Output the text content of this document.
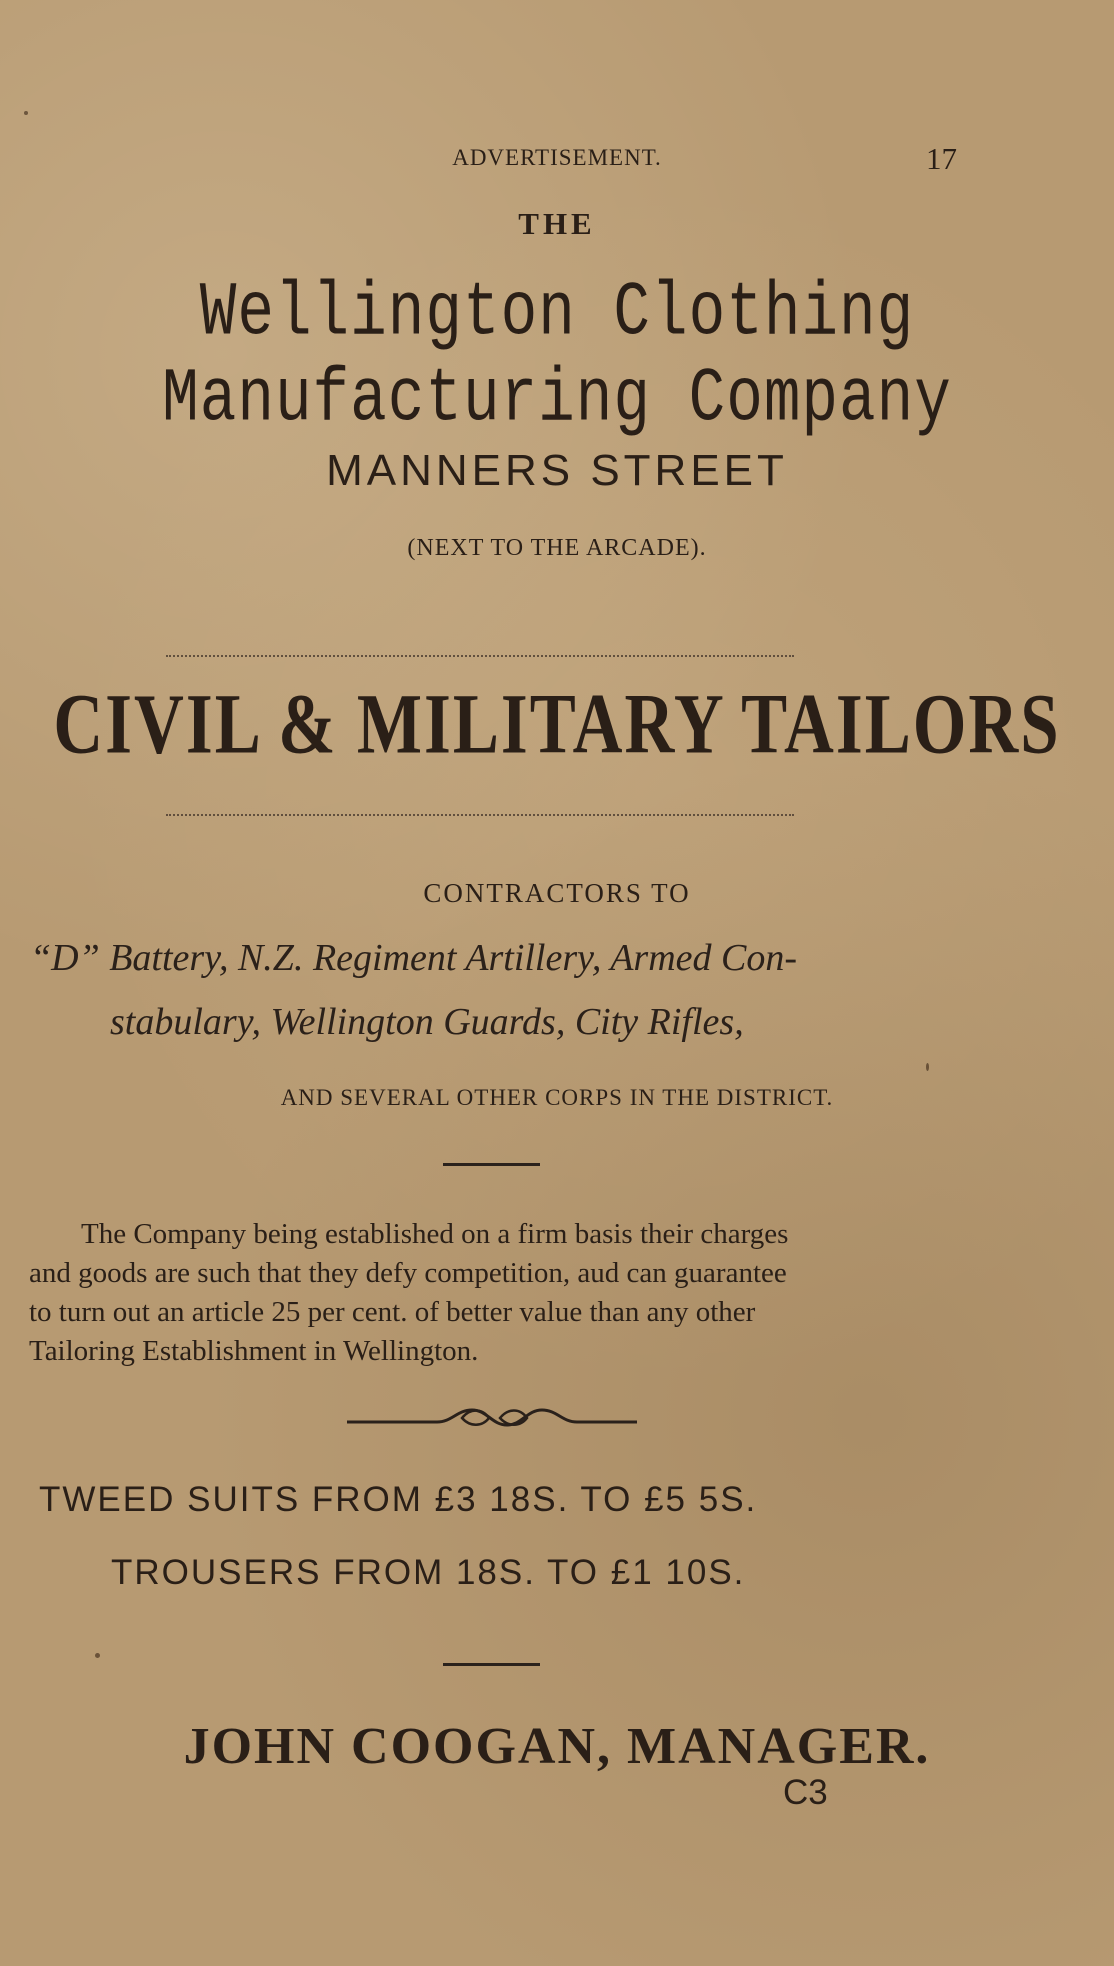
ADVERTISEMENT.	17
THE
Wellington Clothing Manufacturing Company
MANNERS STREET
(NEXT TO THE ARCADE).
CIVIL & MILITARY TAILORS
CONTRACTORS TO
“D” Battery, N.Z. Regiment Artillery, Armed Con-
stabulary, Wellington Guards, City Rifles,
AND SEVERAL OTHER CORPS IN THE DISTRICT.
The Company being established on a firm basis their charges
and goods are such that they defy competition, aud can guarantee
to turn out an article 25 per cent. of better value than any other
Tailoring Establishment in Wellington.
TWEED SUITS FROM £3 18S. TO £5 5S.
TROUSERS FROM 18S. TO £1 10S.
JOHN COOGAN, MANAGER.
C3
